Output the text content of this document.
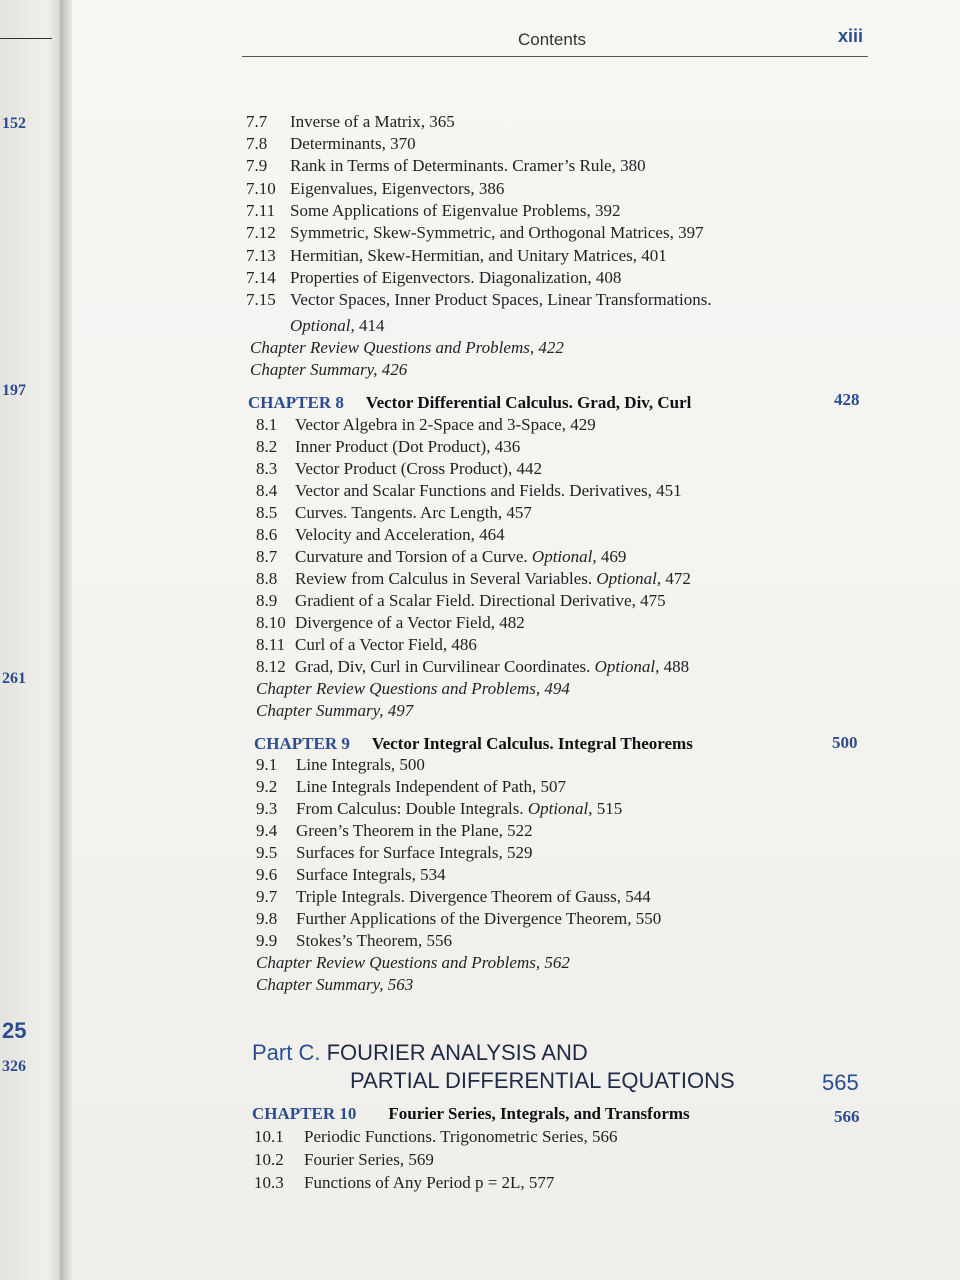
152
197
261
25
326
Contents	xiii
7.7 Inverse of a Matrix, 365
7.8 Determinants, 370
7.9 Rank in Terms of Determinants. Cramer’s Rule, 380
7.10 Eigenvalues, Eigenvectors, 386
7.11 Some Applications of Eigenvalue Problems, 392
7.12 Symmetric, Skew-Symmetric, and Orthogonal Matrices, 397
7.13 Hermitian, Skew-Hermitian, and Unitary Matrices, 401
7.14 Properties of Eigenvectors. Diagonalization, 408
7.15 Vector Spaces, Inner Product Spaces, Linear Transformations.
Optional, 414
Chapter Review Questions and Problems, 422
Chapter Summary, 426
CHAPTER 8 Vector Differential Calculus. Grad, Div, Curl	428
8.1 Vector Algebra in 2-Space and 3-Space, 429
8.2 Inner Product (Dot Product), 436
8.3 Vector Product (Cross Product), 442
8.4 Vector and Scalar Functions and Fields. Derivatives, 451
8.5 Curves. Tangents. Arc Length, 457
8.6 Velocity and Acceleration, 464
8.7 Curvature and Torsion of a Curve. Optional, 469
8.8 Review from Calculus in Several Variables. Optional, 472
8.9 Gradient of a Scalar Field. Directional Derivative, 475
8.10 Divergence of a Vector Field, 482
8.11 Curl of a Vector Field, 486
8.12 Grad, Div, Curl in Curvilinear Coordinates. Optional, 488
Chapter Review Questions and Problems, 494
Chapter Summary, 497
CHAPTER 9 Vector Integral Calculus. Integral Theorems	500
9.1 Line Integrals, 500
9.2 Line Integrals Independent of Path, 507
9.3 From Calculus: Double Integrals. Optional, 515
9.4 Green’s Theorem in the Plane, 522
9.5 Surfaces for Surface Integrals, 529
9.6 Surface Integrals, 534
9.7 Triple Integrals. Divergence Theorem of Gauss, 544
9.8 Further Applications of the Divergence Theorem, 550
9.9 Stokes’s Theorem, 556
Chapter Review Questions and Problems, 562
Chapter Summary, 563
Part C. FOURIER ANALYSIS AND
PARTIAL DIFFERENTIAL EQUATIONS	565
CHAPTER 10 Fourier Series, Integrals, and Transforms	566
10.1 Periodic Functions. Trigonometric Series, 566
10.2 Fourier Series, 569
10.3 Functions of Any Period p = 2L, 577
